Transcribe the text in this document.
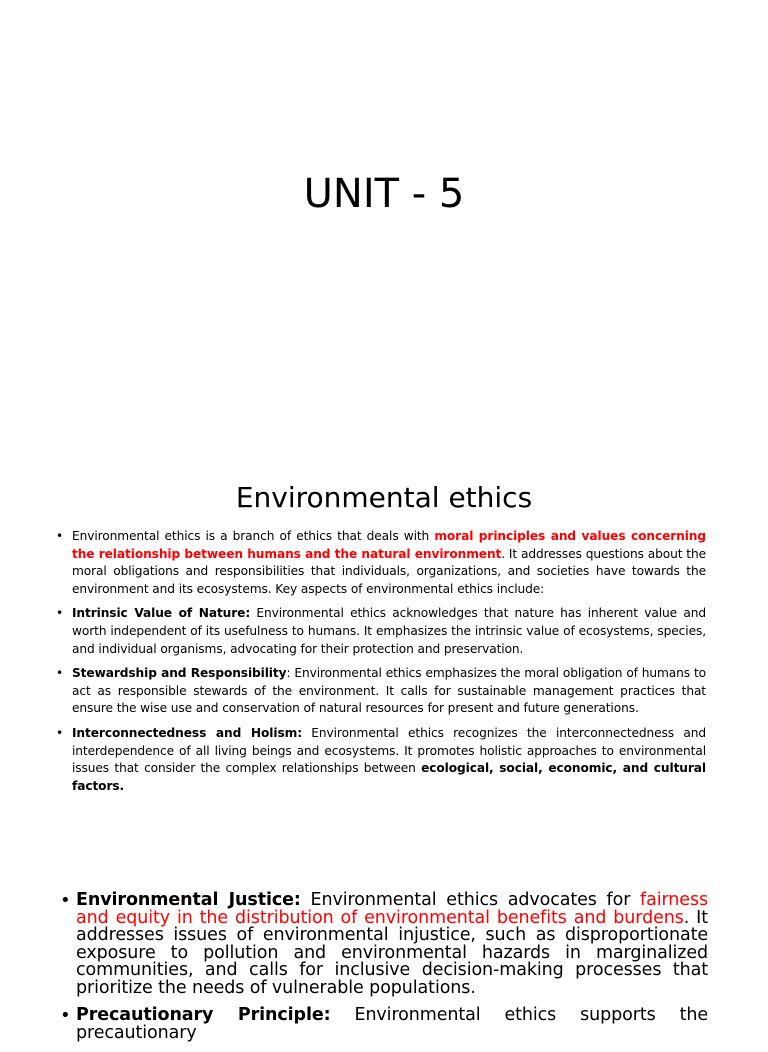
UNIT - 5
Environmental ethics
• Environmental ethics is a branch of ethics that deals with moral principles and values concerning the relationship between humans and the natural environment. It addresses questions about the moral obligations and responsibilities that individuals, organizations, and societies have towards the environment and its ecosystems. Key aspects of environmental ethics include:
• Intrinsic Value of Nature: Environmental ethics acknowledges that nature has inherent value and worth independent of its usefulness to humans. It emphasizes the intrinsic value of ecosystems, species, and individual organisms, advocating for their protection and preservation.
• Stewardship and Responsibility: Environmental ethics emphasizes the moral obligation of humans to act as responsible stewards of the environment. It calls for sustainable management practices that ensure the wise use and conservation of natural resources for present and future generations.
• Interconnectedness and Holism: Environmental ethics recognizes the interconnectedness and interdependence of all living beings and ecosystems. It promotes holistic approaches to environmental issues that consider the complex relationships between ecological, social, economic, and cultural factors.
• Environmental Justice: Environmental ethics advocates for fairness and equity in the distribution of environmental benefits and burdens. It addresses issues of environmental injustice, such as disproportionate exposure to pollution and environmental hazards in marginalized communities, and calls for inclusive decision-making processes that prioritize the needs of vulnerable populations.
• Precautionary Principle: Environmental ethics supports the precautionary
